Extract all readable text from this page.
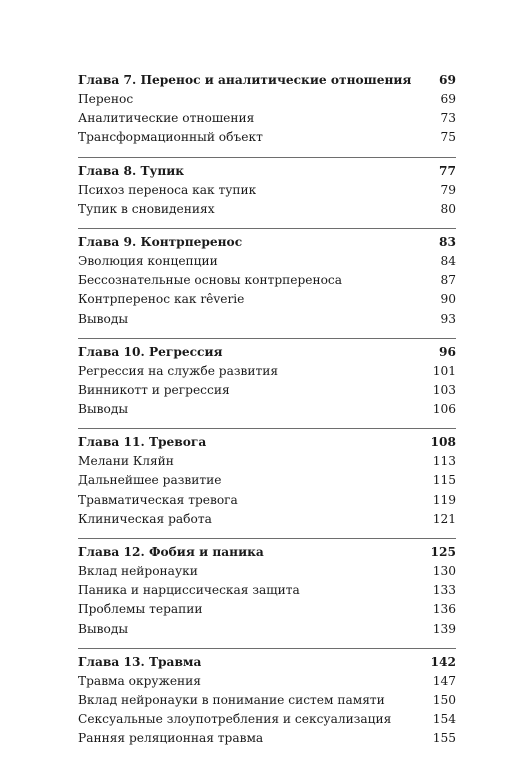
Глава 7. Перенос и аналитические отношения	69
Перенос	69
Аналитические отношения	73
Трансформационный объект	75
Глава 8. Тупик	77
Психоз переноса как тупик	79
Тупик в сновидениях	80
Глава 9. Контрперенос	83
Эволюция концепции	84
Бессознательные основы контрпереноса	87
Контрперенос как rêverie	90
Выводы	93
Глава 10. Регрессия	96
Регрессия на службе развития	101
Винникотт и регрессия	103
Выводы	106
Глава 11. Тревога	108
Мелани Кляйн	113
Дальнейшее развитие	115
Травматическая тревога	119
Клиническая работа	121
Глава 12. Фобия и паника	125
Вклад нейронауки	130
Паника и нарциссическая защита	133
Проблемы терапии	136
Выводы	139
Глава 13. Травма	142
Травма окружения	147
Вклад нейронауки в понимание систем памяти	150
Сексуальные злоупотребления и сексуализация	154
Ранняя реляционная травма	155
